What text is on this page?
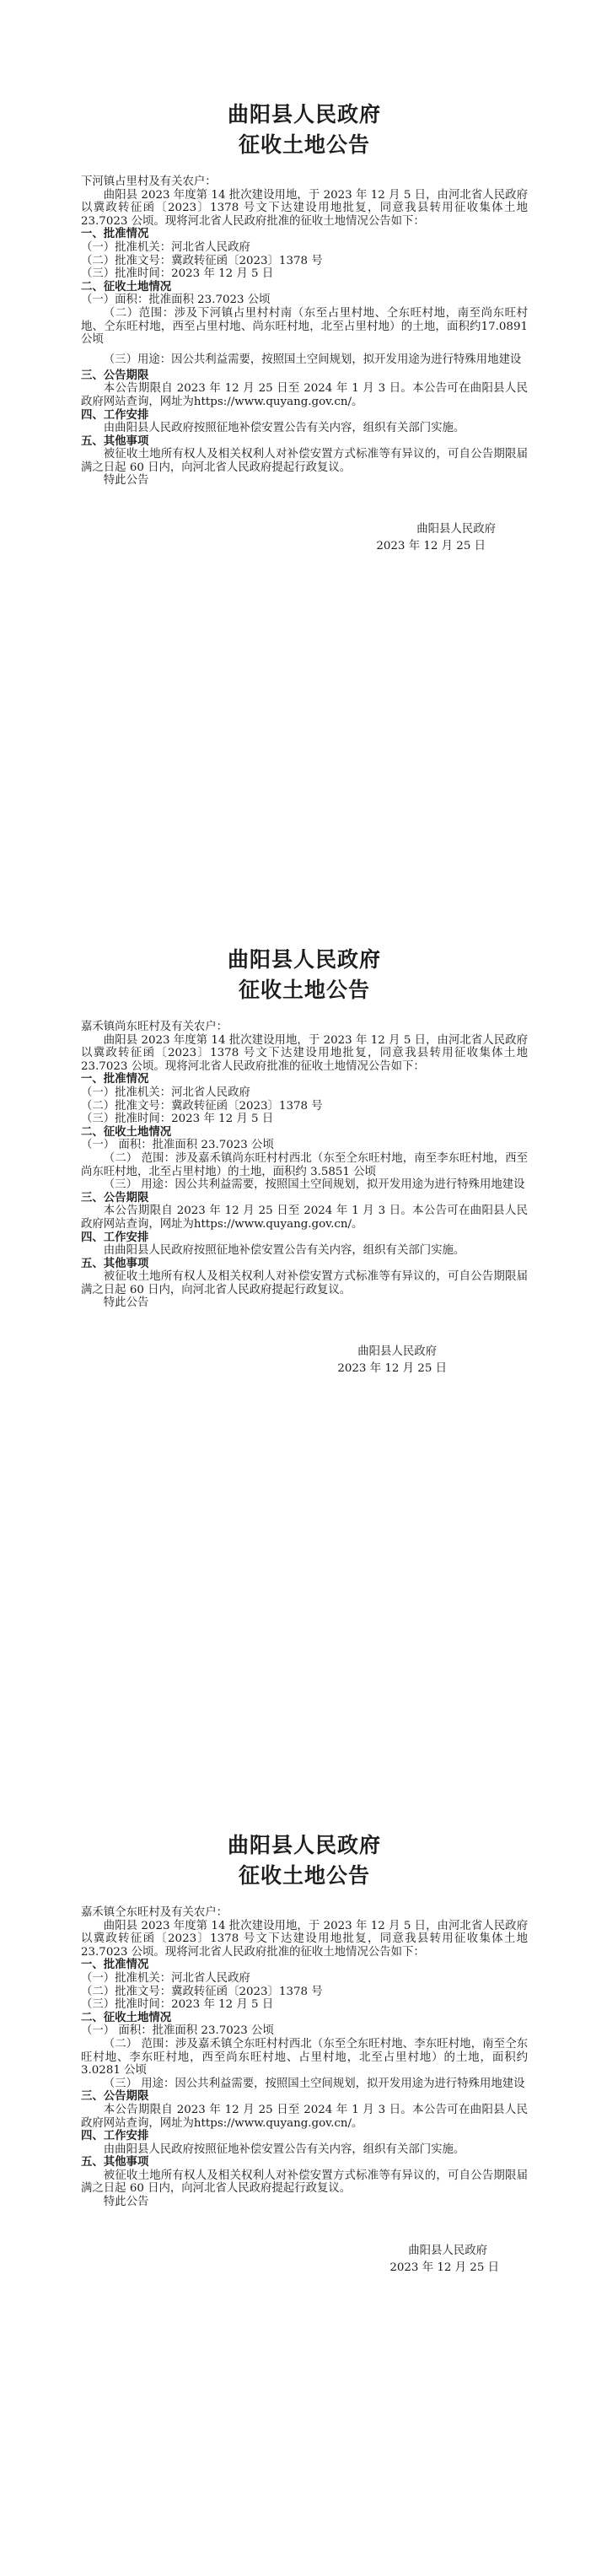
曲阳县人民政府
征收土地公告

下河镇占里村及有关农户：

曲阳县 2023 年度第 14 批次建设用地，于 2023 年 12 月 5 日，由河北省人民政府以冀政转征函〔2023〕1378 号文下达建设用地批复，同意我县转用征收集体土地 23.7023 公顷。现将河北省人民政府批准的征收土地情况公告如下：

一、批准情况

（一）批准机关：河北省人民政府

（二）批准文号：冀政转征函〔2023〕1378 号

（三）批准时间：2023 年 12 月 5 日

二、征收土地情况

（一）面积：批准面积 23.7023 公顷

（二）范围：涉及下河镇占里村村南（东至占里村地、仝东旺村地，南至尚东旺村地、仝东旺村地，西至占里村地、尚东旺村地，北至占里村地）的土地，面积约17.0891公顷

（三）用途：因公共利益需要，按照国土空间规划，拟开发用途为进行特殊用地建设

三、公告期限

本公告期限自 2023 年 12 月 25 日至 2024 年 1 月 3 日。本公告可在曲阳县人民政府网站查询，网址为https://www.quyang.gov.cn/。

四、工作安排

由曲阳县人民政府按照征地补偿安置公告有关内容，组织有关部门实施。

五、其他事项

被征收土地所有权人及相关权利人对补偿安置方式标准等有异议的，可自公告期限届满之日起 60 日内，向河北省人民政府提起行政复议。

特此公告

曲阳县人民政府
2023 年 12 月 25 日
曲阳县人民政府
征收土地公告

嘉禾镇尚东旺村及有关农户：

曲阳县 2023 年度第 14 批次建设用地，于 2023 年 12 月 5 日，由河北省人民政府以冀政转征函〔2023〕1378 号文下达建设用地批复，同意我县转用征收集体土地 23.7023 公顷。现将河北省人民政府批准的征收土地情况公告如下：

一、批准情况

（一）批准机关：河北省人民政府

（二）批准文号：冀政转征函〔2023〕1378 号

（三）批准时间：2023 年 12 月 5 日

二、征收土地情况

（一） 面积：批准面积 23.7023 公顷

（二） 范围：涉及嘉禾镇尚东旺村村西北（东至仝东旺村地，南至李东旺村地，西至尚东旺村地，北至占里村地）的土地，面积约 3.5851 公顷

（三） 用途：因公共利益需要，按照国土空间规划，拟开发用途为进行特殊用地建设

三、公告期限

本公告期限自 2023 年 12 月 25 日至 2024 年 1 月 3 日。本公告可在曲阳县人民政府网站查询，网址为https://www.quyang.gov.cn/。

四、工作安排

由曲阳县人民政府按照征地补偿安置公告有关内容，组织有关部门实施。

五、其他事项

被征收土地所有权人及相关权利人对补偿安置方式标准等有异议的，可自公告期限届满之日起 60 日内，向河北省人民政府提起行政复议。

特此公告

曲阳县人民政府
2023 年 12 月 25 日
曲阳县人民政府
征收土地公告

嘉禾镇仝东旺村及有关农户：

曲阳县 2023 年度第 14 批次建设用地，于 2023 年 12 月 5 日，由河北省人民政府以冀政转征函〔2023〕1378 号文下达建设用地批复，同意我县转用征收集体土地 23.7023 公顷。现将河北省人民政府批准的征收土地情况公告如下：

一、批准情况

（一）批准机关：河北省人民政府

（二）批准文号：冀政转征函〔2023〕1378 号

（三）批准时间：2023 年 12 月 5 日

二、征收土地情况

（一） 面积：批准面积 23.7023 公顷

（二） 范围：涉及嘉禾镇仝东旺村村西北（东至仝东旺村地、李东旺村地，南至仝东旺村地、李东旺村地，西至尚东旺村地、占里村地，北至占里村地）的土地，面积约 3.0281 公顷

（三） 用途：因公共利益需要，按照国土空间规划，拟开发用途为进行特殊用地建设

三、公告期限

本公告期限自 2023 年 12 月 25 日至 2024 年 1 月 3 日。本公告可在曲阳县人民政府网站查询，网址为https://www.quyang.gov.cn/。

四、工作安排

由曲阳县人民政府按照征地补偿安置公告有关内容，组织有关部门实施。

五、其他事项

被征收土地所有权人及相关权利人对补偿安置方式标准等有异议的，可自公告期限届满之日起 60 日内，向河北省人民政府提起行政复议。

特此公告

曲阳县人民政府
2023 年 12 月 25 日
